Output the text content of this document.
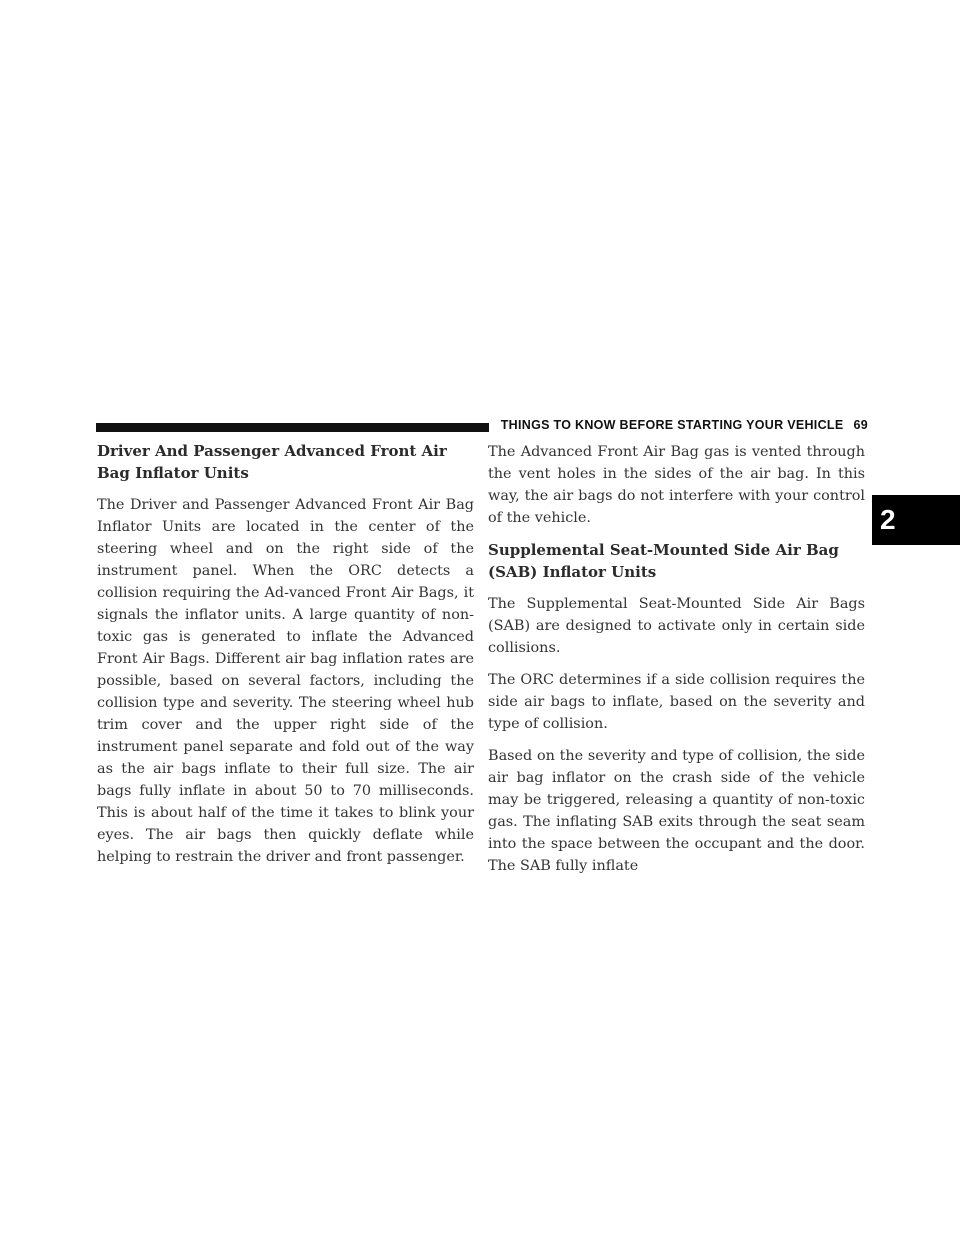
THINGS TO KNOW BEFORE STARTING YOUR VEHICLE 69
2
Driver And Passenger Advanced Front Air Bag Inflator Units

The Driver and Passenger Advanced Front Air Bag Inflator Units are located in the center of the steering wheel and on the right side of the instrument panel. When the ORC detects a collision requiring the Ad-vanced Front Air Bags, it signals the inflator units. A large quantity of non-toxic gas is generated to inflate the Advanced Front Air Bags. Different air bag inflation rates are possible, based on several factors, including the collision type and severity. The steering wheel hub trim cover and the upper right side of the instrument panel separate and fold out of the way as the air bags inflate to their full size. The air bags fully inflate in about 50 to 70 milliseconds. This is about half of the time it takes to blink your eyes. The air bags then quickly deflate while helping to restrain the driver and front passenger.

The Advanced Front Air Bag gas is vented through the vent holes in the sides of the air bag. In this way, the air bags do not interfere with your control of the vehicle.

Supplemental Seat-Mounted Side Air Bag (SAB) Inflator Units

The Supplemental Seat-Mounted Side Air Bags (SAB) are designed to activate only in certain side collisions.

The ORC determines if a side collision requires the side air bags to inflate, based on the severity and type of collision.

Based on the severity and type of collision, the side air bag inflator on the crash side of the vehicle may be triggered, releasing a quantity of non-toxic gas. The inflating SAB exits through the seat seam into the space between the occupant and the door. The SAB fully inflate
